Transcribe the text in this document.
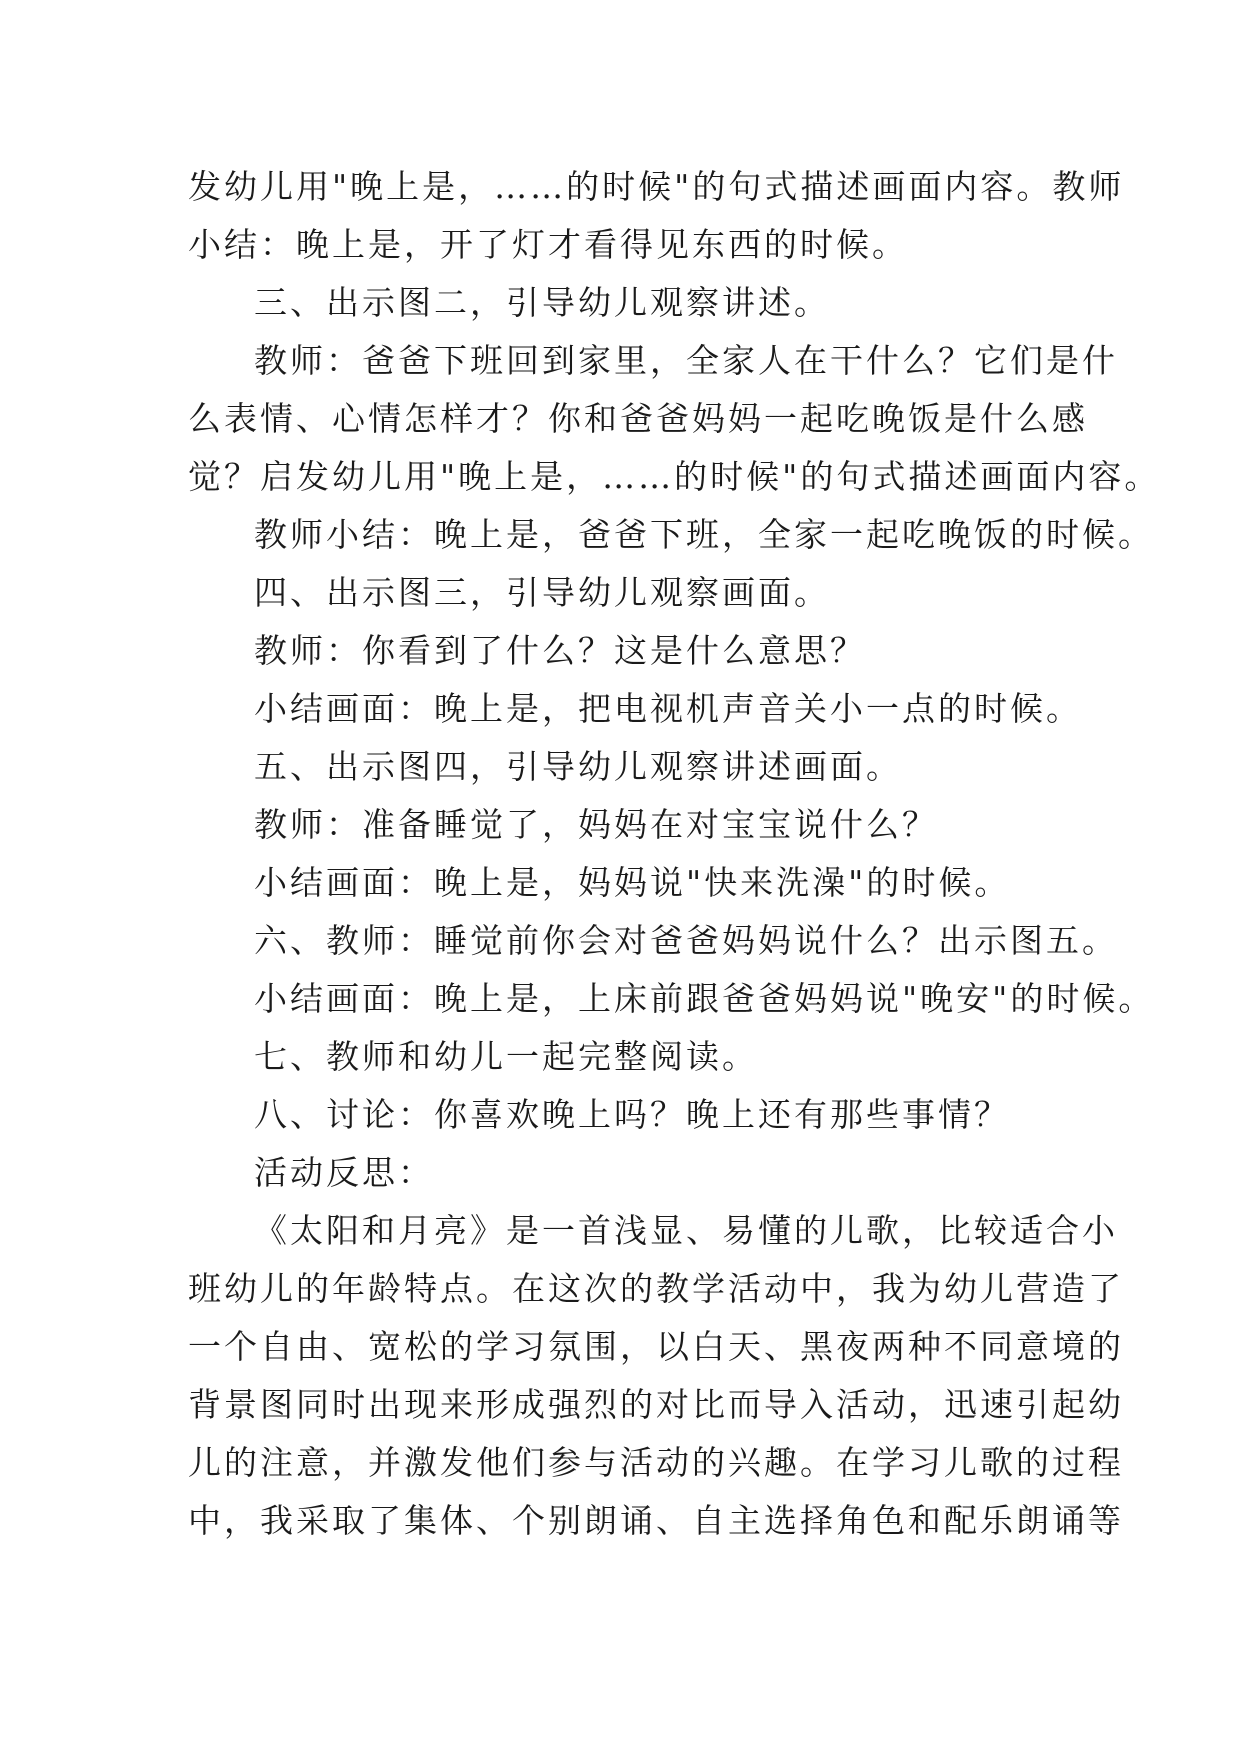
发幼儿用"晚上是，……的时候"的句式描述画面内容。教师

小结：晚上是，开了灯才看得见东西的时候。

三、出示图二，引导幼儿观察讲述。

教师：爸爸下班回到家里，全家人在干什么？它们是什

么表情、心情怎样才？你和爸爸妈妈一起吃晚饭是什么感

觉？启发幼儿用"晚上是，……的时候"的句式描述画面内容。

教师小结：晚上是，爸爸下班，全家一起吃晚饭的时候。

四、出示图三，引导幼儿观察画面。

教师：你看到了什么？这是什么意思？

小结画面：晚上是，把电视机声音关小一点的时候。

五、出示图四，引导幼儿观察讲述画面。

教师：准备睡觉了，妈妈在对宝宝说什么？

小结画面：晚上是，妈妈说"快来洗澡"的时候。

六、教师：睡觉前你会对爸爸妈妈说什么？出示图五。

小结画面：晚上是，上床前跟爸爸妈妈说"晚安"的时候。

七、教师和幼儿一起完整阅读。

八、讨论：你喜欢晚上吗？晚上还有那些事情？

活动反思：

《太阳和月亮》是一首浅显、易懂的儿歌，比较适合小

班幼儿的年龄特点。在这次的教学活动中，我为幼儿营造了

一个自由、宽松的学习氛围，以白天、黑夜两种不同意境的

背景图同时出现来形成强烈的对比而导入活动，迅速引起幼

儿的注意，并激发他们参与活动的兴趣。在学习儿歌的过程

中，我采取了集体、个别朗诵、自主选择角色和配乐朗诵等
